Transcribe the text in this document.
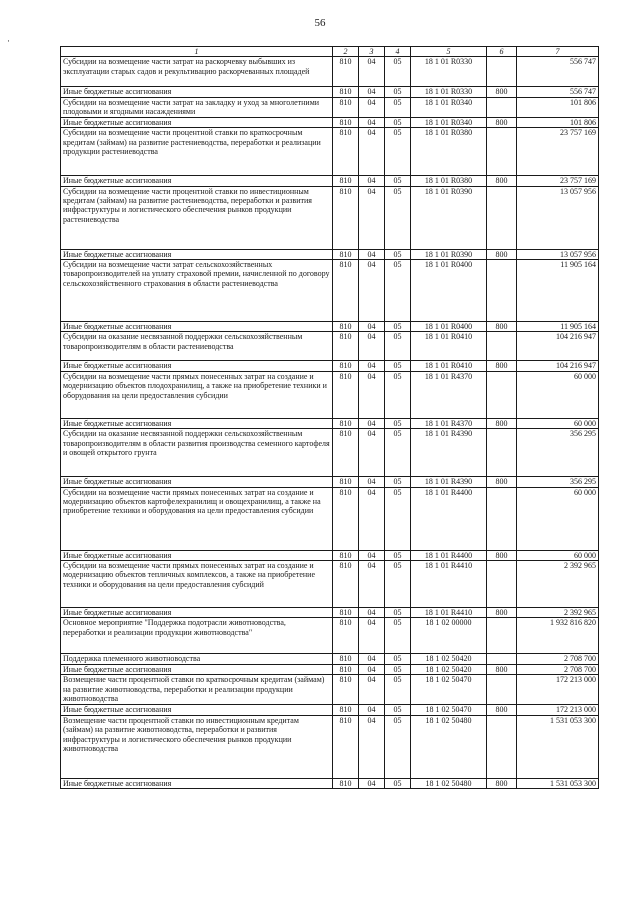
56
·
1	2	3	4	5	6	7
Субсидии на возмещение части затрат на раскорчевку выбывших из эксплуатации старых садов и рекультивацию раскорчеванных площадей	810	04	05	18 1 01 R0330		556 747
Иные бюджетные ассигнования	810	04	05	18 1 01 R0330	800	556 747
Субсидии на возмещение части затрат на закладку и уход за многолетними плодовыми и ягодными насаждениями	810	04	05	18 1 01 R0340		101 806
Иные бюджетные ассигнования	810	04	05	18 1 01 R0340	800	101 806
Субсидии на возмещение части процентной ставки по краткосрочным кредитам (займам) на развитие растениеводства, переработки и реализации продукции растениеводства	810	04	05	18 1 01 R0380		23 757 169
Иные бюджетные ассигнования	810	04	05	18 1 01 R0380	800	23 757 169
Субсидии на возмещение части процентной ставки по инвестиционным кредитам (займам) на развитие растениеводства, переработки и развития инфраструктуры и логистического обеспечения рынков продукции растениеводства	810	04	05	18 1 01 R0390		13 057 956
Иные бюджетные ассигнования	810	04	05	18 1 01 R0390	800	13 057 956
Субсидии на возмещение части затрат сельскохозяйственных товаропроизводителей на уплату страховой премии, начисленной по договору сельскохозяйственного страхования в области растениеводства	810	04	05	18 1 01 R0400		11 905 164
Иные бюджетные ассигнования	810	04	05	18 1 01 R0400	800	11 905 164
Субсидии на оказание несвязанной поддержки сельскохозяйственным товаропроизводителям в области растениеводства	810	04	05	18 1 01 R0410		104 216 947
Иные бюджетные ассигнования	810	04	05	18 1 01 R0410	800	104 216 947
Субсидии на возмещение части прямых понесенных затрат на создание и модернизацию объектов плодохранилищ, а также на приобретение техники и оборудования на цели предоставления субсидии	810	04	05	18 1 01 R4370		60 000
Иные бюджетные ассигнования	810	04	05	18 1 01 R4370	800	60 000
Субсидии на оказание несвязанной поддержки сельскохозяйственным товаропроизводителям в области развития производства семенного картофеля и овощей открытого грунта	810	04	05	18 1 01 R4390		356 295
Иные бюджетные ассигнования	810	04	05	18 1 01 R4390	800	356 295
Субсидии на возмещение части прямых понесенных затрат на создание и модернизацию объектов картофелехранилищ и овощехранилищ, а также на приобретение техники и оборудования на цели предоставления субсидии	810	04	05	18 1 01 R4400		60 000
Иные бюджетные ассигнования	810	04	05	18 1 01 R4400	800	60 000
Субсидии на возмещение части прямых понесенных затрат на создание и модернизацию объектов тепличных комплексов, а также на приобретение техники и оборудования на цели предоставления субсидий	810	04	05	18 1 01 R4410		2 392 965
Иные бюджетные ассигнования	810	04	05	18 1 01 R4410	800	2 392 965
Основное мероприятие "Поддержка подотрасли животноводства, переработки и реализации продукции животноводства"	810	04	05	18 1 02 00000		1 932 816 820
Поддержка племенного животноводства	810	04	05	18 1 02 50420		2 708 700
Иные бюджетные ассигнования	810	04	05	18 1 02 50420	800	2 708 700
Возмещение части процентной ставки по краткосрочным кредитам (займам) на развитие животноводства, переработки и реализации продукции животноводства	810	04	05	18 1 02 50470		172 213 000
Иные бюджетные ассигнования	810	04	05	18 1 02 50470	800	172 213 000
Возмещение части процентной ставки по инвестиционным кредитам (займам) на развитие животноводства, переработки и развития инфраструктуры и логистического обеспечения рынков продукции животноводства	810	04	05	18 1 02 50480		1 531 053 300
Иные бюджетные ассигнования	810	04	05	18 1 02 50480	800	1 531 053 300
